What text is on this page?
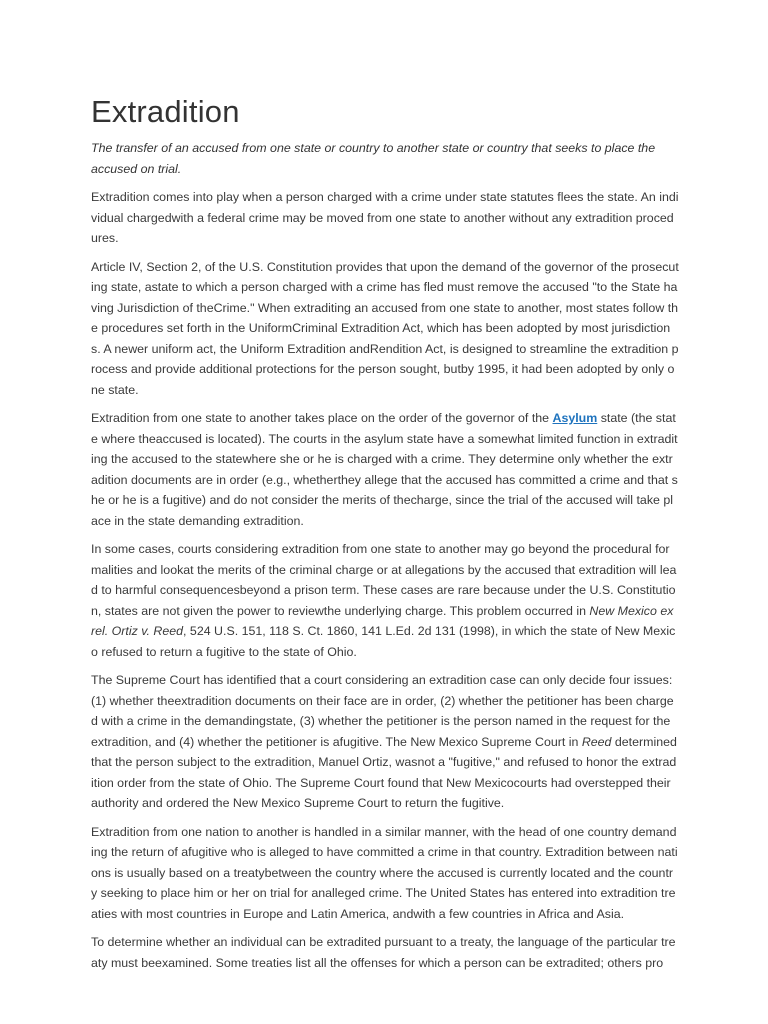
Extradition

The transfer of an accused from one state or country to another state or country that seeks to place the accused on trial.

Extradition comes into play when a person charged with a crime under state statutes flees the state. An individual chargedwith a federal crime may be moved from one state to another without any extradition procedures.

Article IV, Section 2, of the U.S. Constitution provides that upon the demand of the governor of the prosecuting state, astate to which a person charged with a crime has fled must remove the accused "to the State having Jurisdiction of theCrime." When extraditing an accused from one state to another, most states follow the procedures set forth in the UniformCriminal Extradition Act, which has been adopted by most jurisdictions. A newer uniform act, the Uniform Extradition andRendition Act, is designed to streamline the extradition process and provide additional protections for the person sought, butby 1995, it had been adopted by only one state.

Extradition from one state to another takes place on the order of the governor of the Asylum state (the state where theaccused is located). The courts in the asylum state have a somewhat limited function in extraditing the accused to the statewhere she or he is charged with a crime. They determine only whether the extradition documents are in order (e.g., whetherthey allege that the accused has committed a crime and that she or he is a fugitive) and do not consider the merits of thecharge, since the trial of the accused will take place in the state demanding extradition.

In some cases, courts considering extradition from one state to another may go beyond the procedural formalities and lookat the merits of the criminal charge or at allegations by the accused that extradition will lead to harmful consequencesbeyond a prison term. These cases are rare because under the U.S. Constitution, states are not given the power to reviewthe underlying charge. This problem occurred in New Mexico ex rel. Ortiz v. Reed, 524 U.S. 151, 118 S. Ct. 1860, 141 L.Ed. 2d 131 (1998), in which the state of New Mexico refused to return a fugitive to the state of Ohio.

The Supreme Court has identified that a court considering an extradition case can only decide four issues: (1) whether theextradition documents on their face are in order, (2) whether the petitioner has been charged with a crime in the demandingstate, (3) whether the petitioner is the person named in the request for the extradition, and (4) whether the petitioner is afugitive. The New Mexico Supreme Court in Reed determined that the person subject to the extradition, Manuel Ortiz, wasnot a "fugitive," and refused to honor the extradition order from the state of Ohio. The Supreme Court found that New Mexicocourts had overstepped their authority and ordered the New Mexico Supreme Court to return the fugitive.

Extradition from one nation to another is handled in a similar manner, with the head of one country demanding the return of afugitive who is alleged to have committed a crime in that country. Extradition between nations is usually based on a treatybetween the country where the accused is currently located and the country seeking to place him or her on trial for analleged crime. The United States has entered into extradition treaties with most countries in Europe and Latin America, andwith a few countries in Africa and Asia.

To determine whether an individual can be extradited pursuant to a treaty, the language of the particular treaty must beexamined. Some treaties list all the offenses for which a person can be extradited; others pro
